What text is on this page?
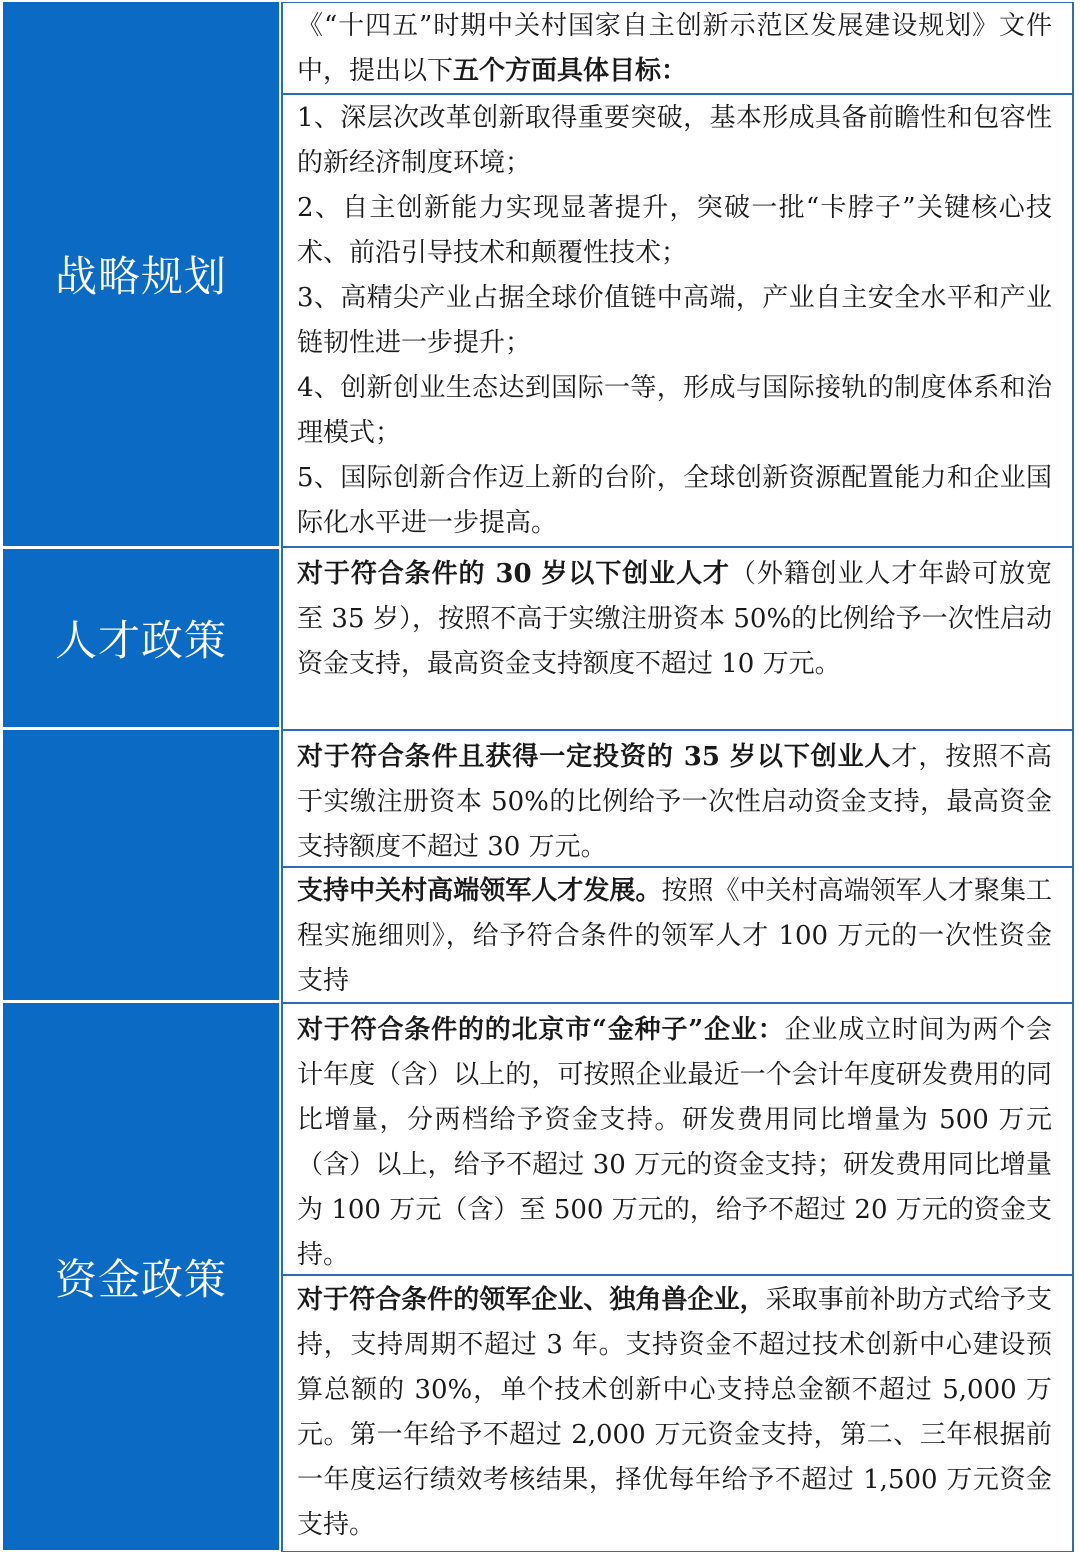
战略规划
人才政策
资金政策

《“十四五”时期中关村国家自主创新示范区发展建设规划》文件中，提出以下五个方面具体目标：

1、深层次改革创新取得重要突破，基本形成具备前瞻性和包容性的新经济制度环境；

2、自主创新能力实现显著提升，突破一批“卡脖子”关键核心技术、前沿引导技术和颠覆性技术；

3、高精尖产业占据全球价值链中高端，产业自主安全水平和产业链韧性进一步提升；

4、创新创业生态达到国际一等，形成与国际接轨的制度体系和治理模式；

5、国际创新合作迈上新的台阶，全球创新资源配置能力和企业国际化水平进一步提高。

对于符合条件的 30 岁以下创业人才（外籍创业人才年龄可放宽至 35 岁），按照不高于实缴注册资本 50%的比例给予一次性启动资金支持，最高资金支持额度不超过 10 万元。

对于符合条件且获得一定投资的 35 岁以下创业人才，按照不高于实缴注册资本 50%的比例给予一次性启动资金支持，最高资金支持额度不超过 30 万元。

支持中关村高端领军人才发展。按照《中关村高端领军人才聚集工程实施细则》，给予符合条件的领军人才 100 万元的一次性资金支持

对于符合条件的的北京市“金种子”企业：企业成立时间为两个会计年度（含）以上的，可按照企业最近一个会计年度研发费用的同比增量，分两档给予资金支持。研发费用同比增量为 500 万元（含）以上，给予不超过 30 万元的资金支持；研发费用同比增量为 100 万元（含）至 500 万元的，给予不超过 20 万元的资金支持。

对于符合条件的领军企业、独角兽企业，采取事前补助方式给予支持，支持周期不超过 3 年。支持资金不超过技术创新中心建设预算总额的 30%，单个技术创新中心支持总金额不超过 5,000 万元。第一年给予不超过 2,000 万元资金支持，第二、三年根据前一年度运行绩效考核结果，择优每年给予不超过 1,500 万元资金支持。
